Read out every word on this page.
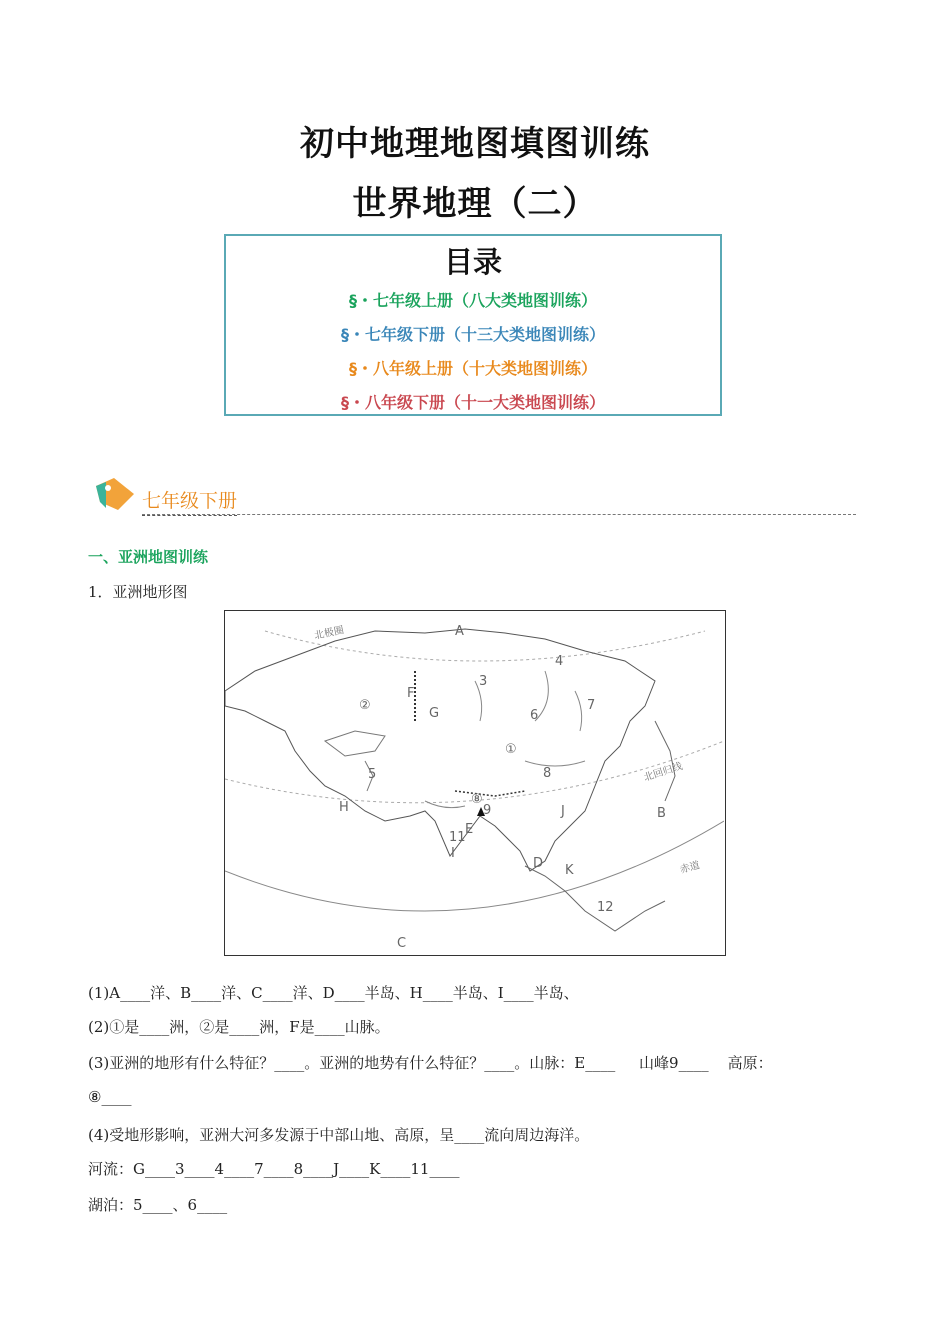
初中地理地图填图训练
世界地理（二）
目录
§・七年级上册（八大类地图训练）
§・七年级下册（十三大类地图训练）
§・八年级上册（十大类地图训练）
§・八年级下册（十一大类地图训练）
七年级下册
一、亚洲地图训练
1．亚洲地形图
A
B
C
D
E
F
G
H
I
J
K
①
②
3
4
5
6
7
8
⑧
9
11
12
北极圈
北回归线
赤道
(1)A____洋、B____洋、C____洋、D____半岛、H____半岛、I____半岛、
(2)①是____洲，②是____洲，F是____山脉。
(3)亚洲的地形有什么特征？____。亚洲的地势有什么特征？____。山脉：E____     山峰9____    高原：
⑧____
(4)受地形影响，亚洲大河多发源于中部山地、高原，呈____流向周边海洋。
河流：G____3____4____7____8____J____K____11____
湖泊：5____、6____
